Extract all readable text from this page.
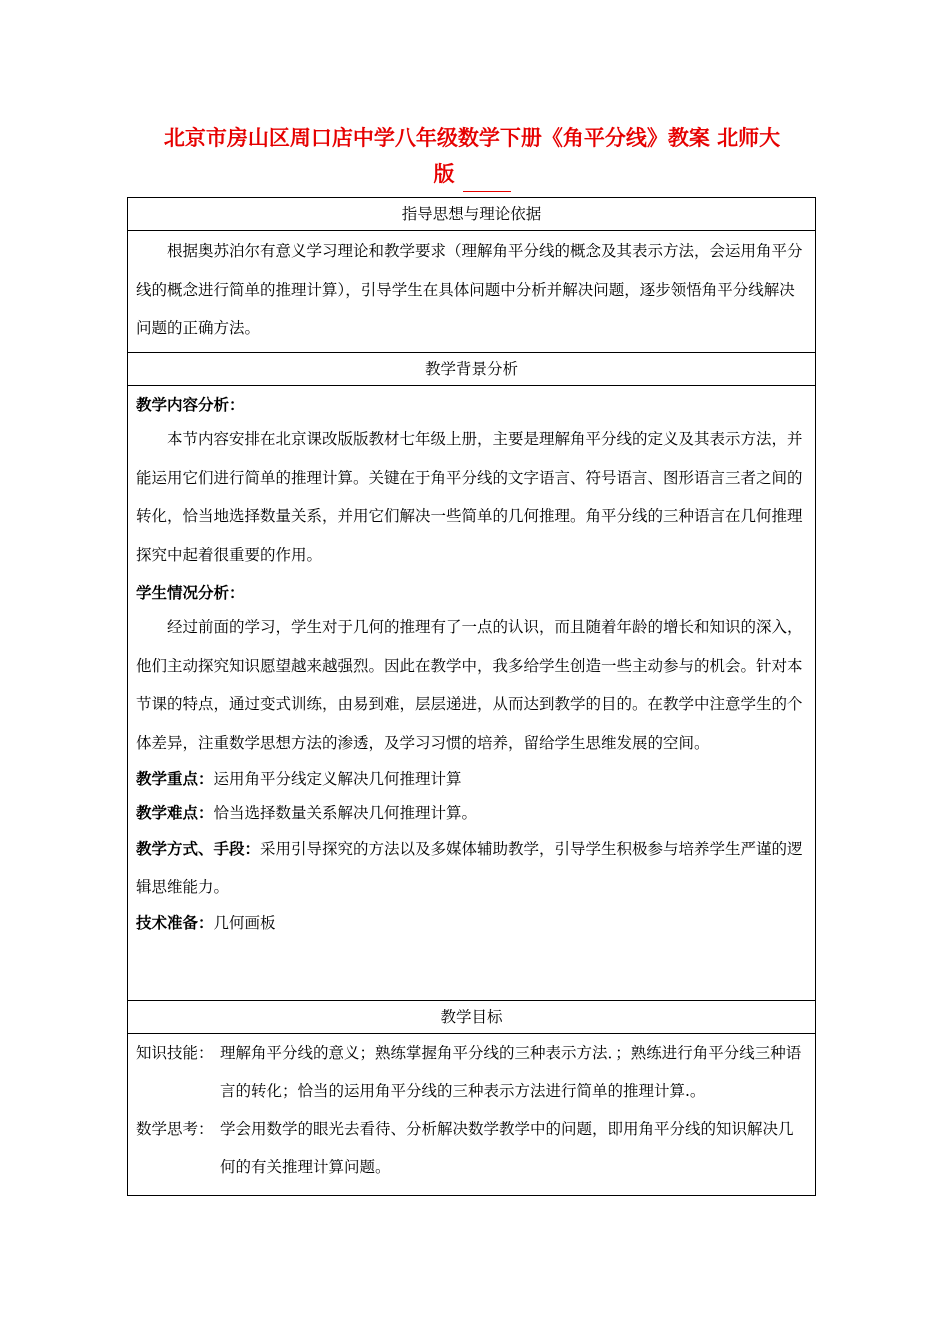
北京市房山区周口店中学八年级数学下册《角平分线》教案 北师大
版
指导思想与理论依据

根据奥苏泊尔有意义学习理论和教学要求（理解角平分线的概念及其表示方法，会运用角平分线的概念进行简单的推理计算），引导学生在具体问题中分析并解决问题，逐步领悟角平分线解决问题的正确方法。

教学背景分析

教学内容分析：
本节内容安排在北京课改版版教材七年级上册，主要是理解角平分线的定义及其表示方法，并能运用它们进行简单的推理计算。关键在于角平分线的文字语言、符号语言、图形语言三者之间的转化，恰当地选择数量关系，并用它们解决一些简单的几何推理。角平分线的三种语言在几何推理探究中起着很重要的作用。
学生情况分析：
经过前面的学习，学生对于几何的推理有了一点的认识，而且随着年龄的增长和知识的深入，他们主动探究知识愿望越来越强烈。因此在教学中，我多给学生创造一些主动参与的机会。针对本节课的特点，通过变式训练，由易到难，层层递进，从而达到教学的目的。在教学中注意学生的个体差异，注重数学思想方法的渗透，及学习习惯的培养，留给学生思维发展的空间。
教学重点：运用角平分线定义解决几何推理计算
教学难点：恰当选择数量关系解决几何推理计算。
教学方式、手段：采用引导探究的方法以及多媒体辅助教学，引导学生积极参与培养学生严谨的逻辑思维能力。
技术准备：几何画板

教学目标

知识技能： 理解角平分线的意义；熟练掌握角平分线的三种表示方法．；熟练进行角平分线三种语言的转化；恰当的运用角平分线的三种表示方法进行简单的推理计算.。
数学思考： 学会用数学的眼光去看待、分析解决数学教学中的问题，即用角平分线的知识解决几何的有关推理计算问题。
